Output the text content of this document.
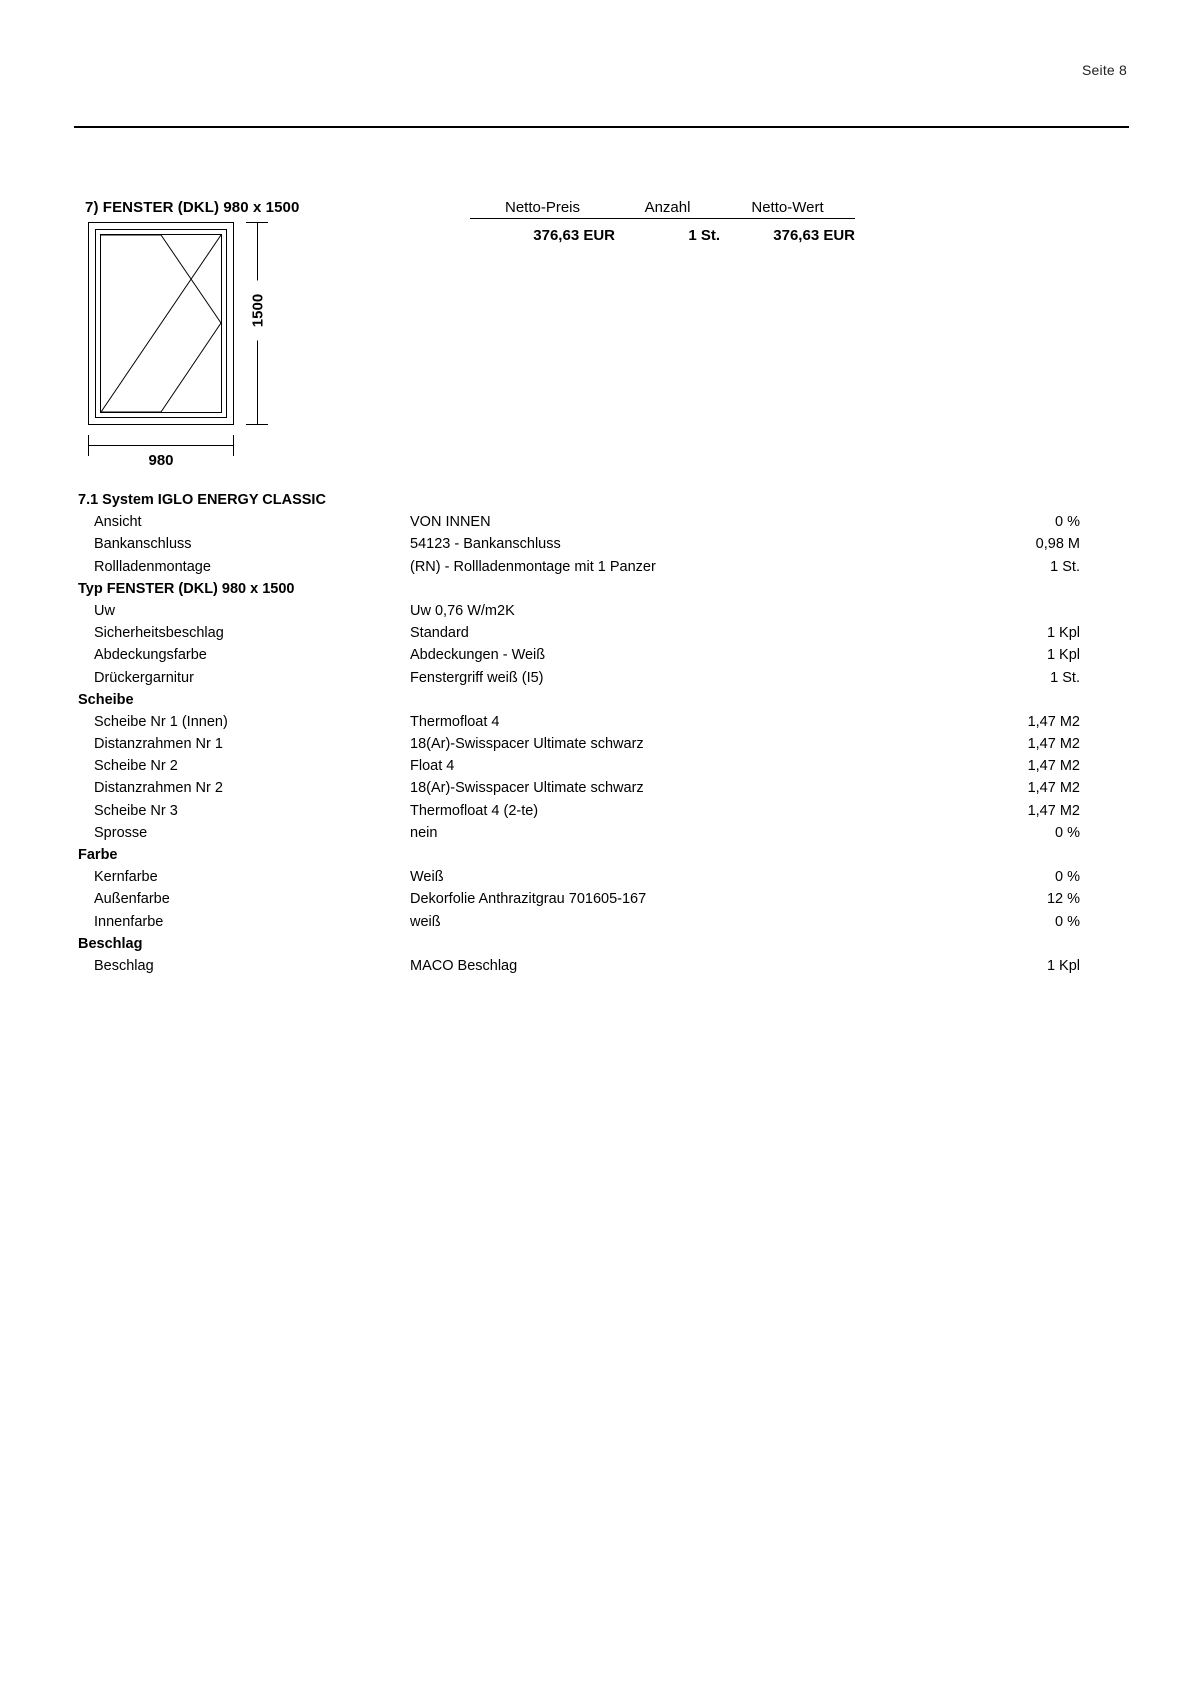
Seite 8
7) FENSTER (DKL) 980 x 1500	Netto-Preis	Anzahl	Netto-Wert
376,63 EUR	1 St.	376,63 EUR
1500
980
7.1 System IGLO ENERGY CLASSIC
Ansicht	VON INNEN	0 %
Bankanschluss	54123 - Bankanschluss	0,98 M
Rollladenmontage	(RN) - Rollladenmontage mit 1 Panzer	1 St.
Typ FENSTER (DKL) 980 x 1500
Uw	Uw 0,76 W/m2K
Sicherheitsbeschlag	Standard	1 Kpl
Abdeckungsfarbe	Abdeckungen - Weiß	1 Kpl
Drückergarnitur	Fenstergriff weiß (I5)	1 St.
Scheibe
Scheibe Nr 1 (Innen)	Thermofloat 4	1,47 M2
Distanzrahmen Nr 1	18(Ar)-Swisspacer Ultimate schwarz	1,47 M2
Scheibe Nr 2	Float 4	1,47 M2
Distanzrahmen Nr 2	18(Ar)-Swisspacer Ultimate schwarz	1,47 M2
Scheibe Nr 3	Thermofloat 4 (2-te)	1,47 M2
Sprosse	nein	0 %
Farbe
Kernfarbe	Weiß	0 %
Außenfarbe	Dekorfolie Anthrazitgrau 701605-167	12 %
Innenfarbe	weiß	0 %
Beschlag
Beschlag	MACO Beschlag	1 Kpl
